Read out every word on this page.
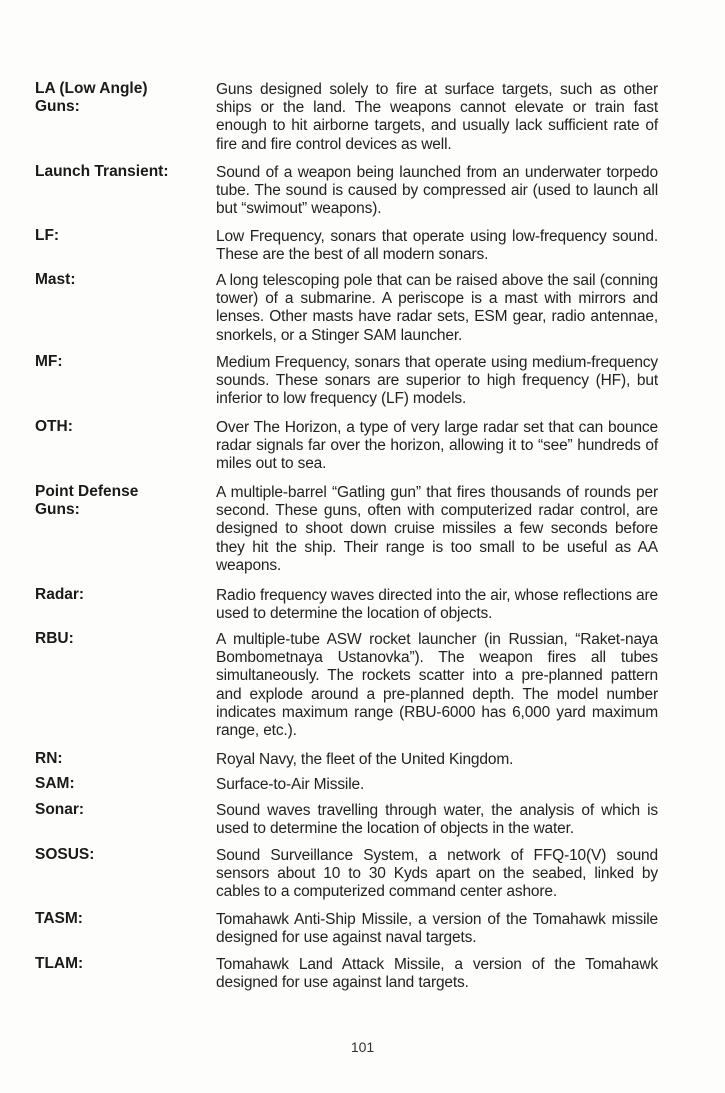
LA (Low Angle) Guns:
Guns designed solely to fire at surface targets, such as other ships or the land. The weapons cannot elevate or train fast enough to hit airborne targets, and usually lack sufficient rate of fire and fire control devices as well.
Launch Transient:	Sound of a weapon being launched from an underwater torpedo tube. The sound is caused by compressed air (used to launch all but “swimout” weapons).
LF:	Low Frequency, sonars that operate using low-frequency sound. These are the best of all modern sonars.
Mast:	A long telescoping pole that can be raised above the sail (conning tower) of a submarine. A periscope is a mast with mirrors and lenses. Other masts have radar sets, ESM gear, radio antennae, snorkels, or a Stinger SAM launcher.
MF:	Medium Frequency, sonars that operate using medium-frequency sounds. These sonars are superior to high frequency (HF), but inferior to low frequency (LF) models.
OTH:	Over The Horizon, a type of very large radar set that can bounce radar signals far over the horizon, allowing it to “see” hundreds of miles out to sea.
Point Defense Guns:
A multiple-barrel “Gatling gun” that fires thousands of rounds per second. These guns, often with computerized radar control, are designed to shoot down cruise missiles a few seconds before they hit the ship. Their range is too small to be useful as AA weapons.
Radar:	Radio frequency waves directed into the air, whose reflections are used to determine the location of objects.
RBU:	A multiple-tube ASW rocket launcher (in Russian, “Raket-naya Bombometnaya Ustanovka”). The weapon fires all tubes simultaneously. The rockets scatter into a pre-planned pattern and explode around a pre-planned depth. The model number indicates maximum range (RBU-6000 has 6,000 yard maximum range, etc.).
RN:	Royal Navy, the fleet of the United Kingdom.
SAM:	Surface-to-Air Missile.
Sonar:	Sound waves travelling through water, the analysis of which is used to determine the location of objects in the water.
SOSUS:	Sound Surveillance System, a network of FFQ-10(V) sound sensors about 10 to 30 Kyds apart on the seabed, linked by cables to a computerized command center ashore.
TASM:	Tomahawk Anti-Ship Missile, a version of the Tomahawk missile designed for use against naval targets.
TLAM:	Tomahawk Land Attack Missile, a version of the Tomahawk designed for use against land targets.
101
